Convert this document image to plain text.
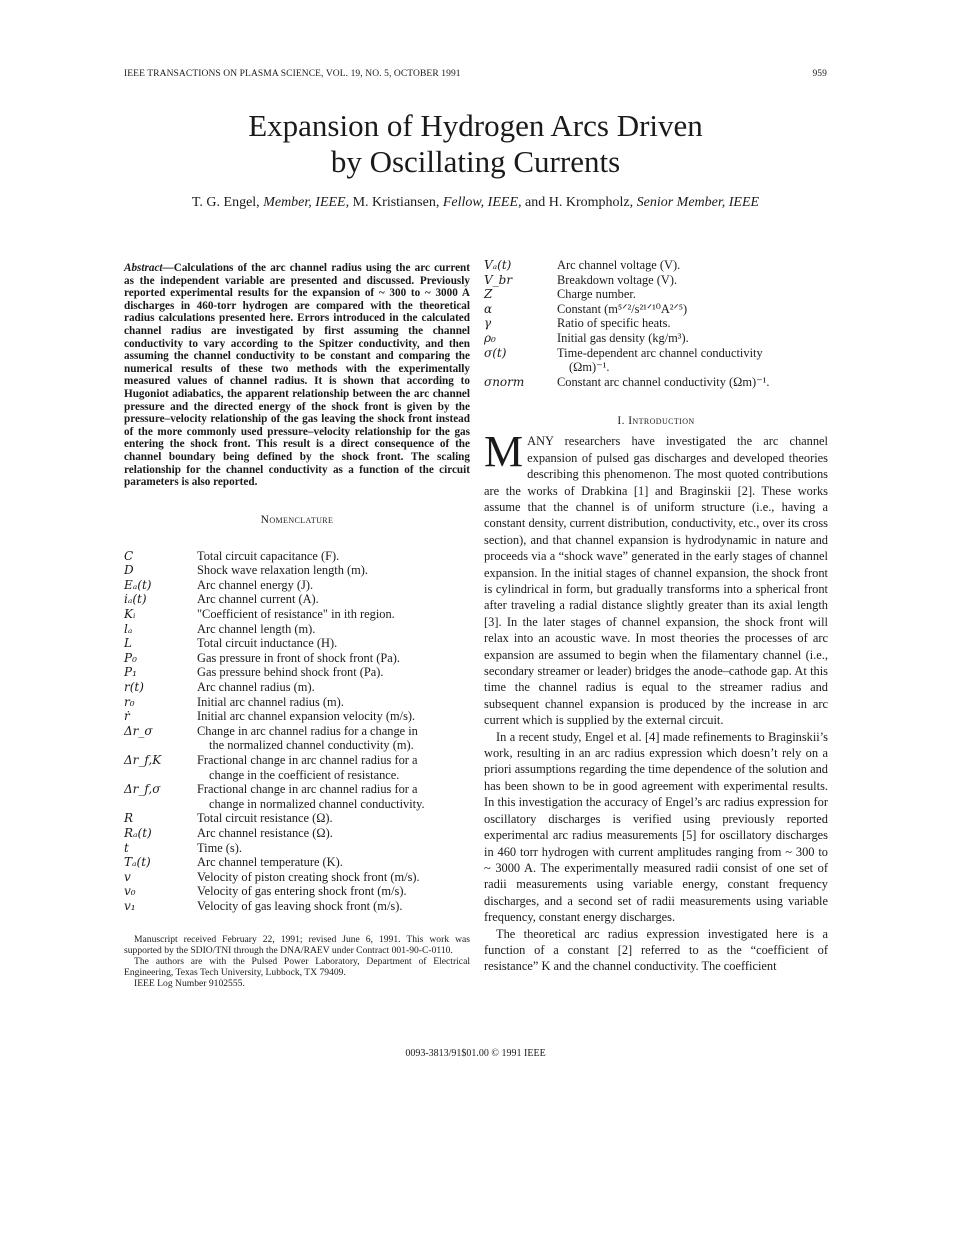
IEEE TRANSACTIONS ON PLASMA SCIENCE, VOL. 19, NO. 5, OCTOBER 1991	959
Expansion of Hydrogen Arcs Driven
by Oscillating Currents
T. G. Engel, Member, IEEE, M. Kristiansen, Fellow, IEEE, and H. Krompholz, Senior Member, IEEE
Abstract—Calculations of the arc channel radius using the arc current as the independent variable are presented and discussed. Previously reported experimental results for the expansion of ~ 300 to ~ 3000 A discharges in 460-torr hydrogen are compared with the theoretical radius calculations presented here. Errors introduced in the calculated channel radius are investigated by first assuming the channel conductivity to vary according to the Spitzer conductivity, and then assuming the channel conductivity to be constant and comparing the numerical results of these two methods with the experimentally measured values of channel radius. It is shown that according to Hugoniot adiabatics, the apparent relationship between the arc channel pressure and the directed energy of the shock front is given by the pressure–velocity relationship of the gas leaving the shock front instead of the more commonly used pressure–velocity relationship for the gas entering the shock front. This result is a direct consequence of the channel boundary being defined by the shock front. The scaling relationship for the channel conductivity as a function of the circuit parameters is also reported.
Nomenclature
C	Total circuit capacitance (F).
D	Shock wave relaxation length (m).
Eₐ(t)	Arc channel energy (J).
iₐ(t)	Arc channel current (A).
Kᵢ	"Coefficient of resistance" in ith region.
lₐ	Arc channel length (m).
L	Total circuit inductance (H).
P₀	Gas pressure in front of shock front (Pa).
P₁	Gas pressure behind shock front (Pa).
r(t)	Arc channel radius (m).
r₀	Initial arc channel radius (m).
ṙ	Initial arc channel expansion velocity (m/s).
Δr_σ	Change in arc channel radius for a change in
the normalized channel conductivity (m).
Δr_f,K	Fractional change in arc channel radius for a
change in the coefficient of resistance.
Δr_f,σ	Fractional change in arc channel radius for a
change in normalized channel conductivity.
R	Total circuit resistance (Ω).
Rₐ(t)	Arc channel resistance (Ω).
t	Time (s).
Tₐ(t)	Arc channel temperature (K).
v	Velocity of piston creating shock front (m/s).
v₀	Velocity of gas entering shock front (m/s).
v₁	Velocity of gas leaving shock front (m/s).

Manuscript received February 22, 1991; revised June 6, 1991. This work was supported by the SDIO/TNI through the DNA/RAEV under Contract 001-90-C-0110.

The authors are with the Pulsed Power Laboratory, Department of Electrical Engineering, Texas Tech University, Lubbock, TX 79409.

IEEE Log Number 9102555.

Vₐ(t)	Arc channel voltage (V).
V_br	Breakdown voltage (V).
Z	Charge number.
α	Constant (m⁵ᐟ²/s²¹ᐟ¹⁰A²ᐟ⁵)
γ	Ratio of specific heats.
ρ₀	Initial gas density (kg/m³).
σ(t)	Time-dependent arc channel conductivity
(Ωm)⁻¹.
σnorm	Constant arc channel conductivity (Ωm)⁻¹.
I. Introduction

MANY researchers have investigated the arc channel expansion of pulsed gas discharges and developed theories describing this phenomenon. The most quoted contributions are the works of Drabkina [1] and Braginskii [2]. These works assume that the channel is of uniform structure (i.e., having a constant density, current distribution, conductivity, etc., over its cross section), and that channel expansion is hydrodynamic in nature and proceeds via a “shock wave” generated in the early stages of channel expansion. In the initial stages of channel expansion, the shock front is cylindrical in form, but gradually transforms into a spherical front after traveling a radial distance slightly greater than its axial length [3]. In the later stages of channel expansion, the shock front will relax into an acoustic wave. In most theories the processes of arc expansion are assumed to begin when the filamentary channel (i.e., secondary streamer or leader) bridges the anode–cathode gap. At this time the channel radius is equal to the streamer radius and subsequent channel expansion is produced by the increase in arc current which is supplied by the external circuit.

In a recent study, Engel et al. [4] made refinements to Braginskii’s work, resulting in an arc radius expression which doesn’t rely on a priori assumptions regarding the time dependence of the solution and has been shown to be in good agreement with experimental results. In this investigation the accuracy of Engel’s arc radius expression for oscillatory discharges is verified using previously reported experimental arc radius measurements [5] for oscillatory discharges in 460 torr hydrogen with current amplitudes ranging from ~ 300 to ~ 3000 A. The experimentally measured radii consist of one set of radii measurements using variable energy, constant frequency discharges, and a second set of radii measurements using variable frequency, constant energy discharges.

The theoretical arc radius expression investigated here is a function of a constant [2] referred to as the “coefficient of resistance” K and the channel conductivity. The coefficient

0093-3813/91$01.00 © 1991 IEEE
